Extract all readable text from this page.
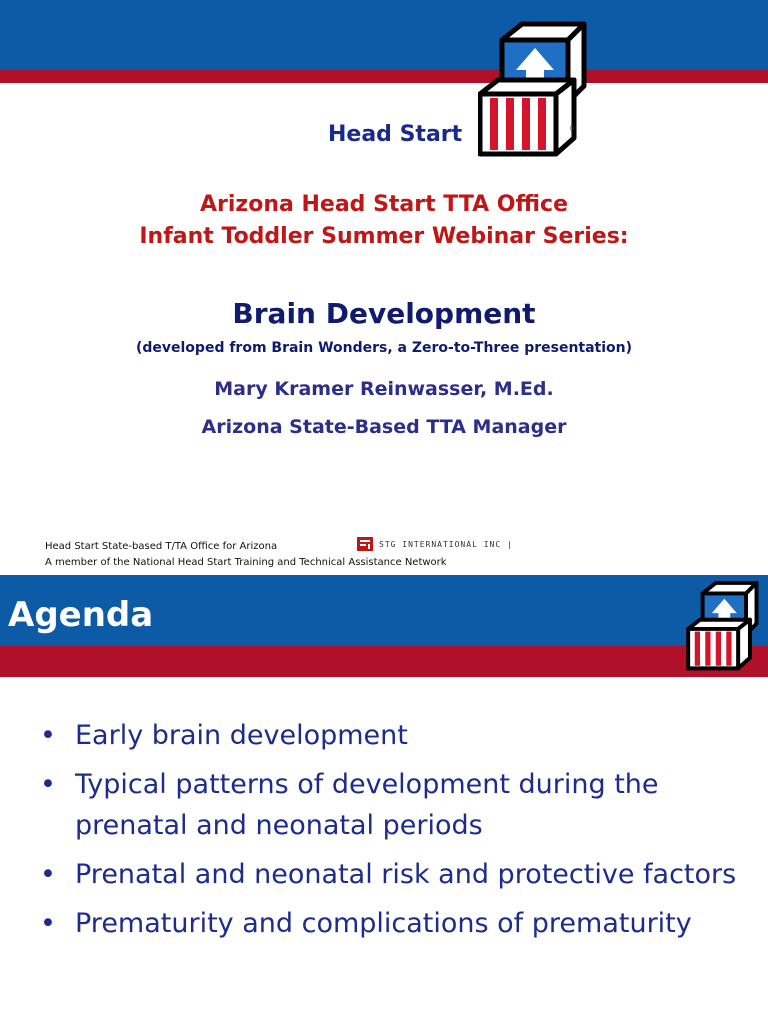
®
Head Start
Arizona Head Start TTA Office
Infant Toddler Summer Webinar Series:
Brain Development
(developed from Brain Wonders, a Zero-to-Three presentation)
Mary Kramer Reinwasser, M.Ed.
Arizona State-Based TTA Manager
Head Start State-based T/TA Office for Arizona
A member of the National Head Start Training and Technical Assistance Network
STG INTERNATIONAL INC |
Agenda
• Early brain development
• Typical patterns of development during the prenatal and neonatal periods
• Prenatal and neonatal risk and protective factors
• Prematurity and complications of prematurity
